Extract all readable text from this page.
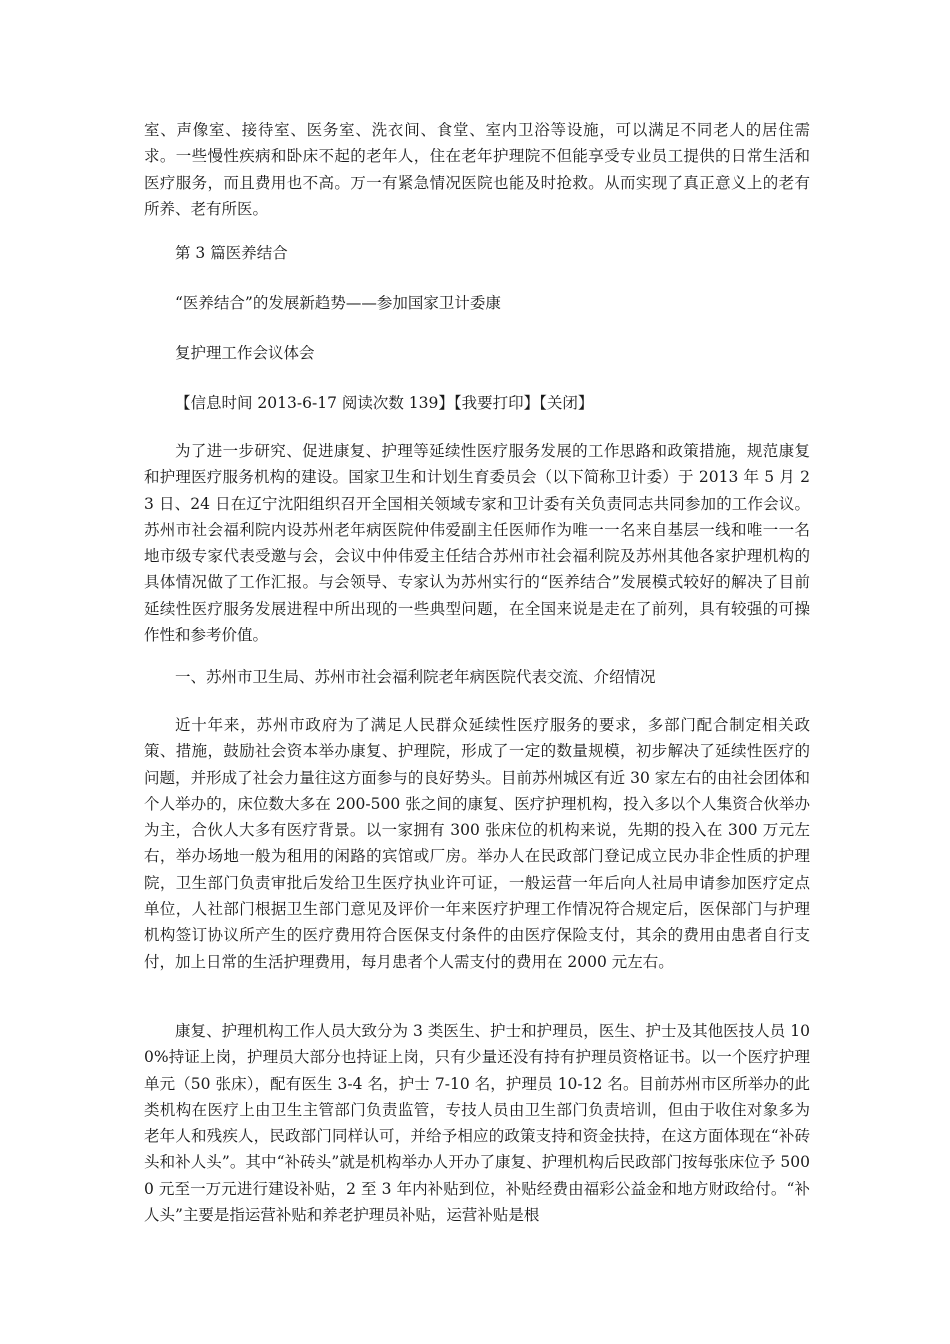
室、声像室、接待室、医务室、洗衣间、食堂、室内卫浴等设施，可以满足不同老人的居住需求。一些慢性疾病和卧床不起的老年人，住在老年护理院不但能享受专业员工提供的日常生活和医疗服务，而且费用也不高。万一有紧急情况医院也能及时抢救。从而实现了真正意义上的老有所养、老有所医。

第 3 篇医养结合

“医养结合”的发展新趋势——参加国家卫计委康

复护理工作会议体会

【信息时间 2013-6-17 阅读次数 139】【我要打印】【关闭】

为了进一步研究、促进康复、护理等延续性医疗服务发展的工作思路和政策措施，规范康复和护理医疗服务机构的建设。国家卫生和计划生育委员会（以下简称卫计委）于 2013 年 5 月 23 日、24 日在辽宁沈阳组织召开全国相关领域专家和卫计委有关负责同志共同参加的工作会议。苏州市社会福利院内设苏州老年病医院仲伟爱副主任医师作为唯一一名来自基层一线和唯一一名地市级专家代表受邀与会，会议中仲伟爱主任结合苏州市社会福利院及苏州其他各家护理机构的具体情况做了工作汇报。与会领导、专家认为苏州实行的“医养结合”发展模式较好的解决了目前延续性医疗服务发展进程中所出现的一些典型问题，在全国来说是走在了前列，具有较强的可操作性和参考价值。

一、苏州市卫生局、苏州市社会福利院老年病医院代表交流、介绍情况

近十年来，苏州市政府为了满足人民群众延续性医疗服务的要求，多部门配合制定相关政策、措施，鼓励社会资本举办康复、护理院，形成了一定的数量规模，初步解决了延续性医疗的问题，并形成了社会力量往这方面参与的良好势头。目前苏州城区有近 30 家左右的由社会团体和个人举办的，床位数大多在 200-500 张之间的康复、医疗护理机构，投入多以个人集资合伙举办为主，合伙人大多有医疗背景。以一家拥有 300 张床位的机构来说，先期的投入在 300 万元左右，举办场地一般为租用的闲路的宾馆或厂房。举办人在民政部门登记成立民办非企性质的护理院，卫生部门负责审批后发给卫生医疗执业许可证，一般运营一年后向人社局申请参加医疗定点单位，人社部门根据卫生部门意见及评价一年来医疗护理工作情况符合规定后，医保部门与护理机构签订协议所产生的医疗费用符合医保支付条件的由医疗保险支付，其余的费用由患者自行支付，加上日常的生活护理费用，每月患者个人需支付的费用在 2000 元左右。

康复、护理机构工作人员大致分为 3 类医生、护士和护理员，医生、护士及其他医技人员 100%持证上岗，护理员大部分也持证上岗，只有少量还没有持有护理员资格证书。以一个医疗护理单元（50 张床），配有医生 3-4 名，护士 7-10 名，护理员 10-12 名。目前苏州市区所举办的此类机构在医疗上由卫生主管部门负责监管，专技人员由卫生部门负责培训，但由于收住对象多为老年人和残疾人，民政部门同样认可，并给予相应的政策支持和资金扶持，在这方面体现在“补砖头和补人头”。其中“补砖头”就是机构举办人开办了康复、护理机构后民政部门按每张床位予 5000 元至一万元进行建设补贴，2 至 3 年内补贴到位，补贴经费由福彩公益金和地方财政给付。“补人头”主要是指运营补贴和养老护理员补贴，运营补贴是根
